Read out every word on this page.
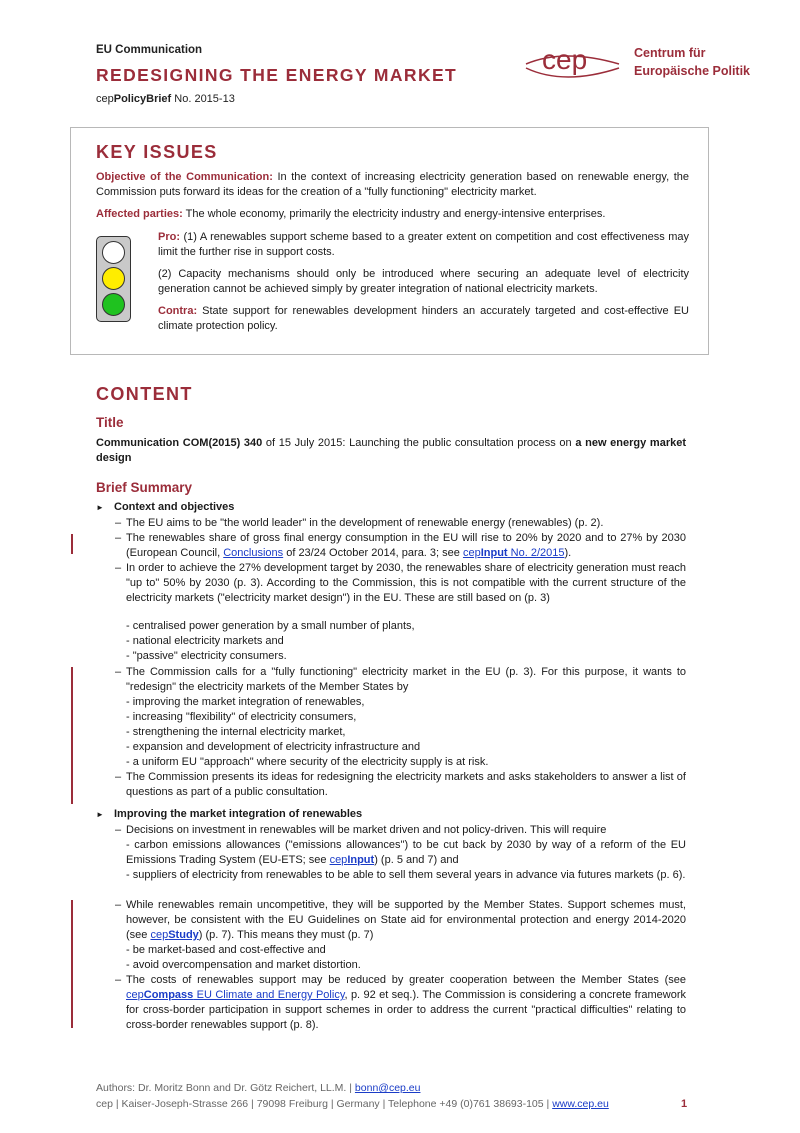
EU Communication
REDESIGNING THE ENERGY MARKET
cepPolicyBrief No. 2015-13
cep	Centrum für
Europäische Politik
KEY ISSUES
Objective of the Communication: In the context of increasing electricity generation based on renewable energy, the Commission puts forward its ideas for the creation of a "fully functioning" electricity market.
Affected parties: The whole economy, primarily the electricity industry and energy-intensive enterprises.
Pro: (1) A renewables support scheme based to a greater extent on competition and cost effectiveness may limit the further rise in support costs.
(2) Capacity mechanisms should only be introduced where securing an adequate level of electricity generation cannot be achieved simply by greater integration of national electricity markets.
Contra: State support for renewables development hinders an accurately targeted and cost-effective EU climate protection policy.
CONTENT
Title
Communication COM(2015) 340 of 15 July 2015: Launching the public consultation process on a new energy market design
Brief Summary
► Context and objectives
– The EU aims to be "the world leader" in the development of renewable energy (renewables) (p. 2).
– The renewables share of gross final energy consumption in the EU will rise to 20% by 2020 and to 27% by 2030 (European Council, Conclusions of 23/24 October 2014, para. 3; see cepInput No. 2/2015).
– In order to achieve the 27% development target by 2030, the renewables share of electricity generation must reach "up to" 50% by 2030 (p. 3). According to the Commission, this is not compatible with the current structure of the electricity markets ("electricity market design") in the EU. These are still based on (p. 3)
- centralised power generation by a small number of plants,
- national electricity markets and
- "passive" electricity consumers.
– The Commission calls for a "fully functioning" electricity market in the EU (p. 3). For this purpose, it wants to "redesign" the electricity markets of the Member States by
- improving the market integration of renewables,
- increasing "flexibility" of electricity consumers,
- strengthening the internal electricity market,
- expansion and development of electricity infrastructure and
- a uniform EU "approach" where security of the electricity supply is at risk.
– The Commission presents its ideas for redesigning the electricity markets and asks stakeholders to answer a list of questions as part of a public consultation.
► Improving the market integration of renewables
– Decisions on investment in renewables will be market driven and not policy-driven. This will require
- carbon emissions allowances ("emissions allowances") to be cut back by 2030 by way of a reform of the EU Emissions Trading System (EU-ETS; see cepInput) (p. 5 and 7) and
- suppliers of electricity from renewables to be able to sell them several years in advance via futures markets (p. 6).
– While renewables remain uncompetitive, they will be supported by the Member States. Support schemes must, however, be consistent with the EU Guidelines on State aid for environmental protection and energy 2014-2020 (see cepStudy) (p. 7). This means they must (p. 7)
- be market-based and cost-effective and
- avoid overcompensation and market distortion.
– The costs of renewables support may be reduced by greater cooperation between the Member States (see cepCompass EU Climate and Energy Policy, p. 92 et seq.). The Commission is considering a concrete framework for cross-border participation in support schemes in order to address the current "practical difficulties" relating to cross-border renewables support (p. 8).
Authors: Dr. Moritz Bonn and Dr. Götz Reichert, LL.M. | bonn@cep.eu
cep | Kaiser-Joseph-Strasse 266 | 79098 Freiburg | Germany | Telephone +49 (0)761 38693-105 | www.cep.eu	1
